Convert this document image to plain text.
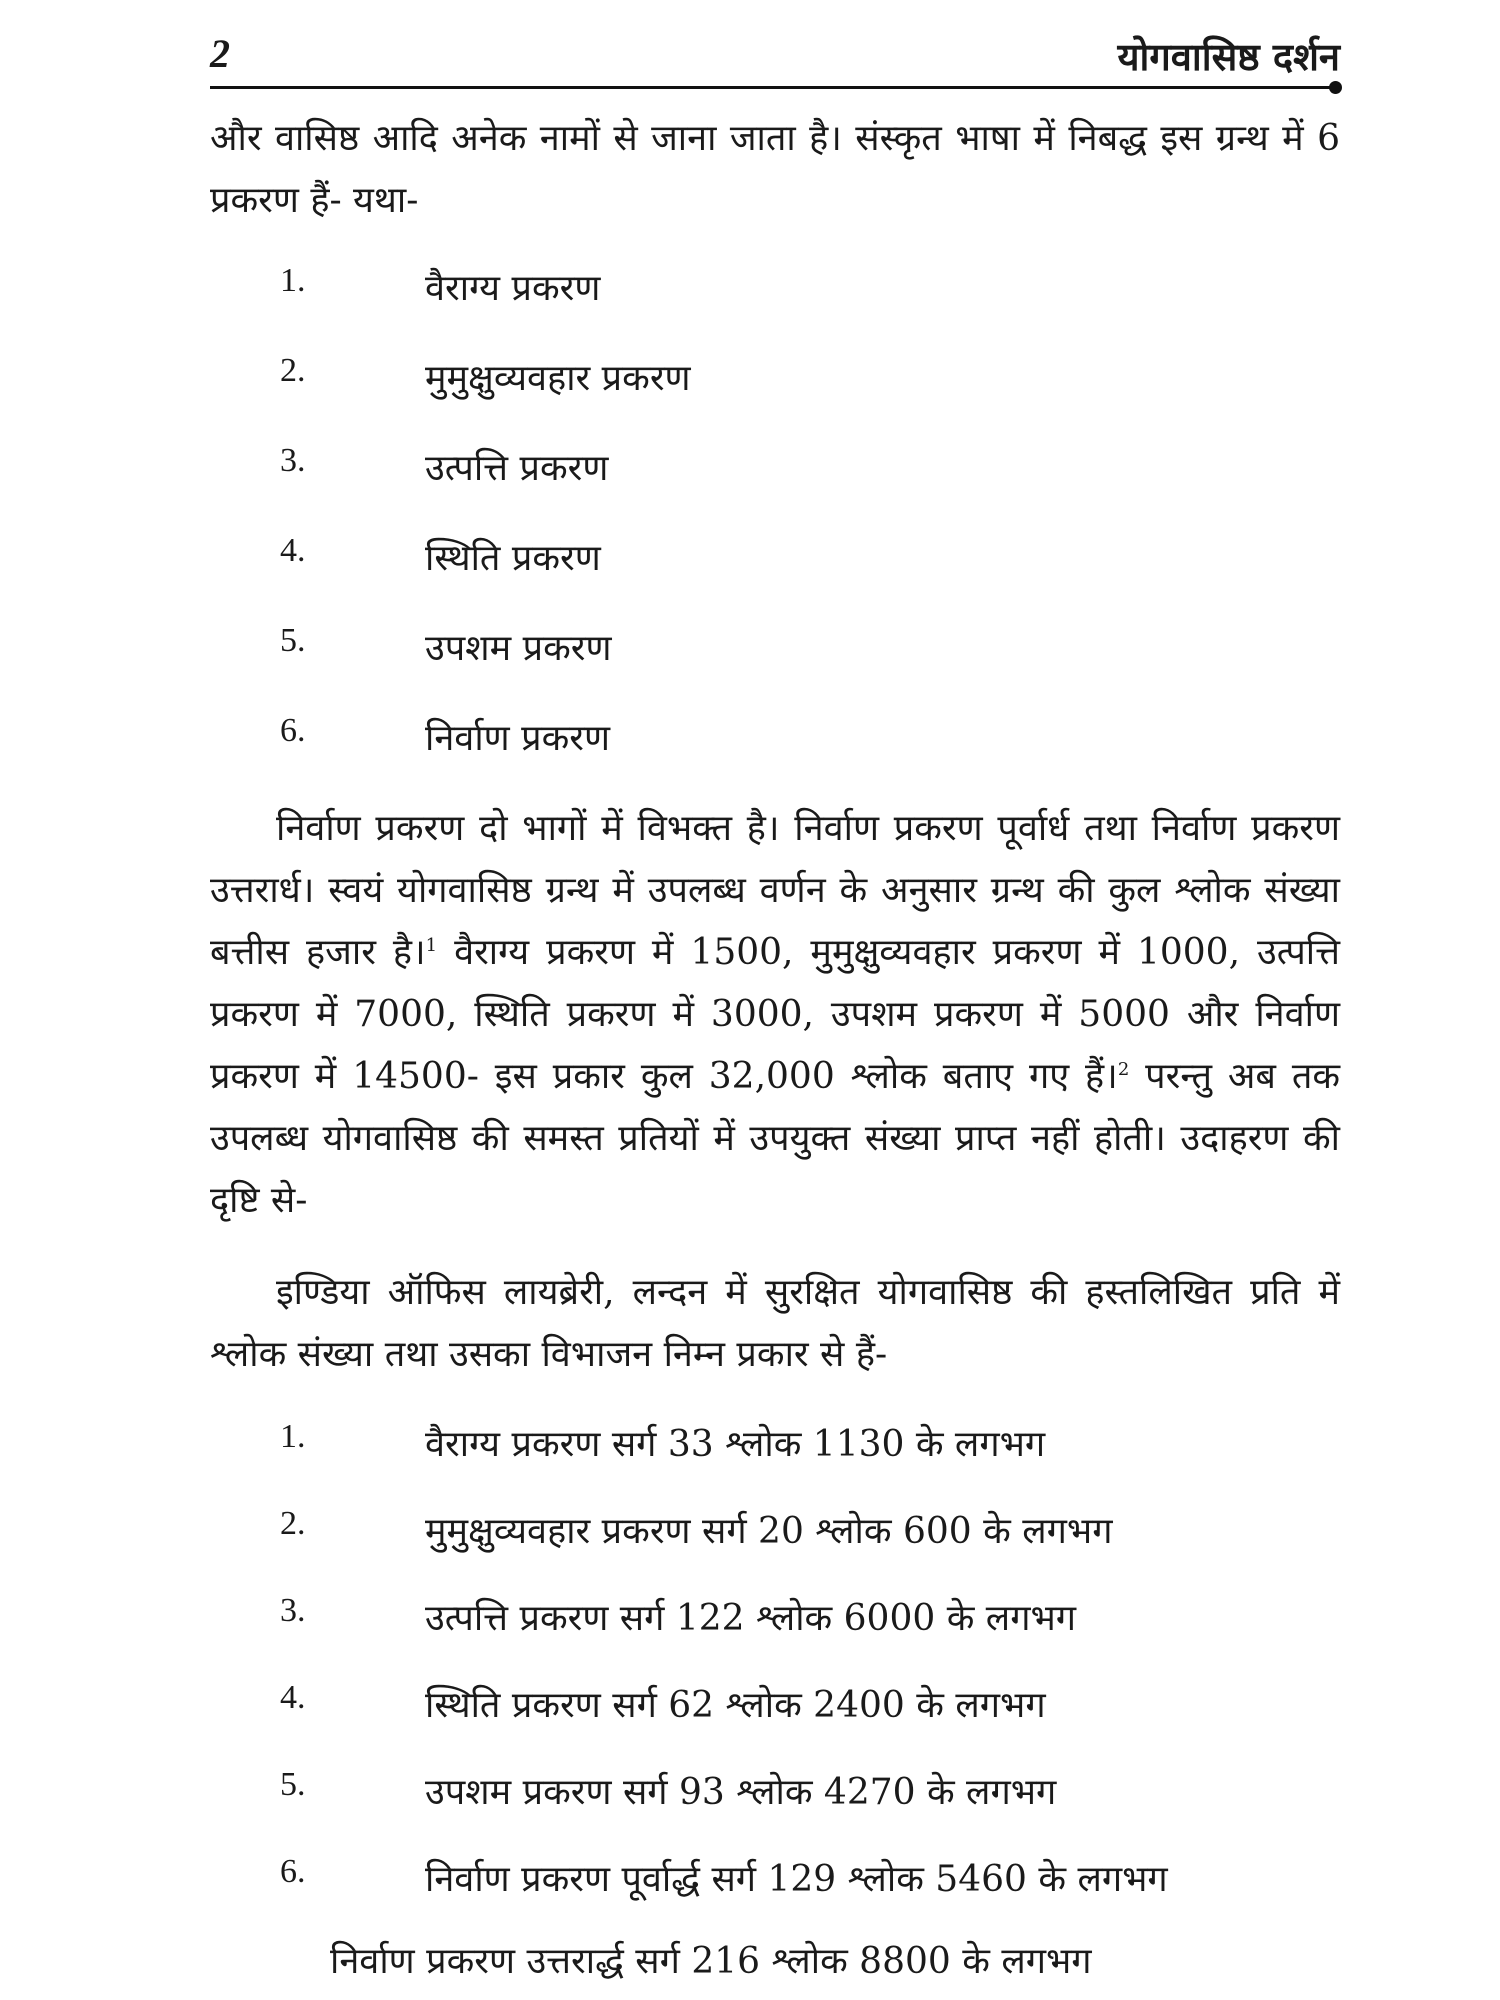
2	योगवासिष्ठ दर्शन
और वासिष्ठ आदि अनेक नामों से जाना जाता है। संस्कृत भाषा में निबद्ध इस ग्रन्थ में 6 प्रकरण हैं- यथा-
1.	वैराग्य प्रकरण
2.	मुमुक्षुव्यवहार प्रकरण
3.	उत्पत्ति प्रकरण
4.	स्थिति प्रकरण
5.	उपशम प्रकरण
6.	निर्वाण प्रकरण
निर्वाण प्रकरण दो भागों में विभक्त है। निर्वाण प्रकरण पूर्वार्ध तथा निर्वाण प्रकरण उत्तरार्ध। स्वयं योगवासिष्ठ ग्रन्थ में उपलब्ध वर्णन के अनुसार ग्रन्थ की कुल श्लोक संख्या बत्तीस हजार है।$^1$ वैराग्य प्रकरण में 1500, मुमुक्षुव्यवहार प्रकरण में 1000, उत्पत्ति प्रकरण में 7000, स्थिति प्रकरण में 3000, उपशम प्रकरण में 5000 और निर्वाण प्रकरण में 14500- इस प्रकार कुल 32,000 श्लोक बताए गए हैं।$^2$ परन्तु अब तक उपलब्ध योगवासिष्ठ की समस्त प्रतियों में उपयुक्त संख्या प्राप्त नहीं होती। उदाहरण की दृष्टि से-
इण्डिया ऑफिस लायब्रेरी, लन्दन में सुरक्षित योगवासिष्ठ की हस्तलिखित प्रति में श्लोक संख्या तथा उसका विभाजन निम्न प्रकार से हैं-
1.	वैराग्य प्रकरण सर्ग 33 श्लोक 1130 के लगभग
2.	मुमुक्षुव्यवहार प्रकरण सर्ग 20 श्लोक 600 के लगभग
3.	उत्पत्ति प्रकरण सर्ग 122 श्लोक 6000 के लगभग
4.	स्थिति प्रकरण सर्ग 62 श्लोक 2400 के लगभग
5.	उपशम प्रकरण सर्ग 93 श्लोक 4270 के लगभग
6.	निर्वाण प्रकरण पूर्वार्द्ध सर्ग 129 श्लोक 5460 के लगभग
निर्वाण प्रकरण उत्तरार्द्ध सर्ग 216 श्लोक 8800 के लगभग
